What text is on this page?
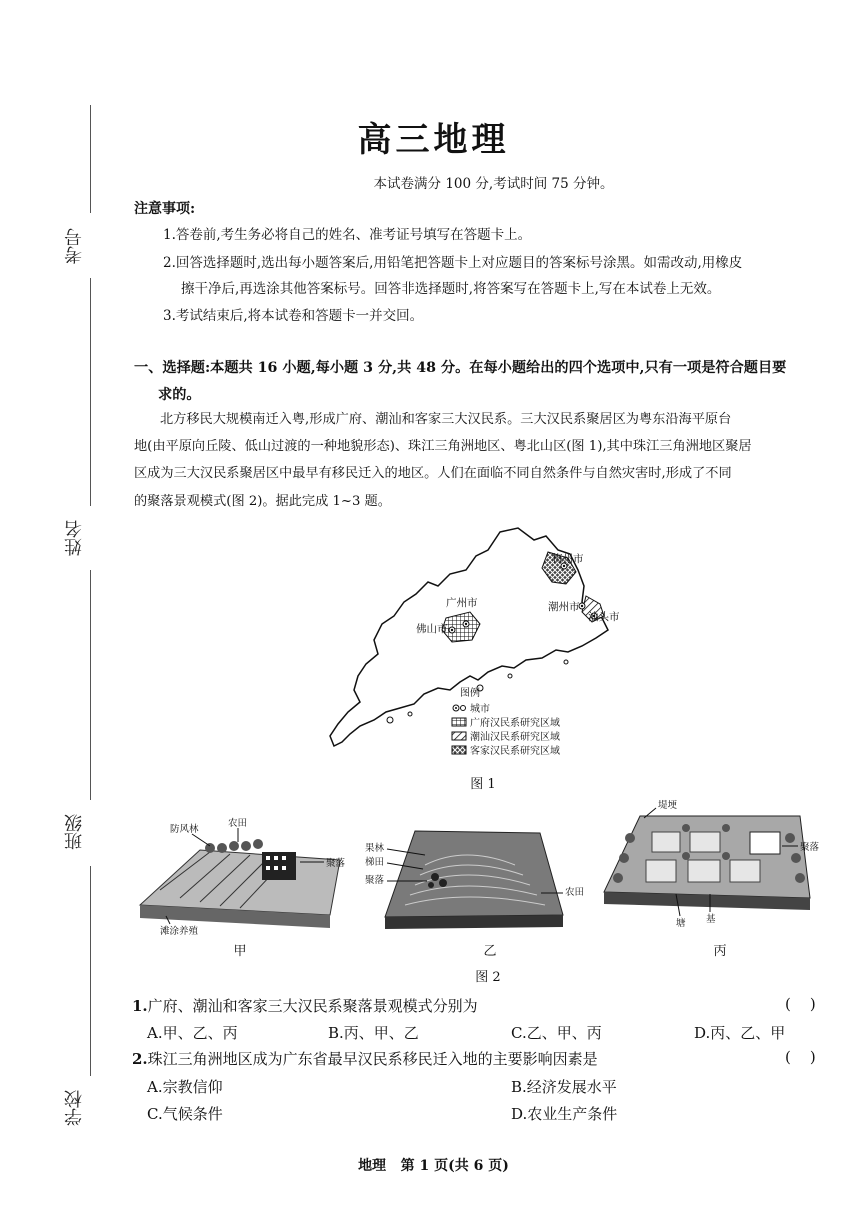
考号
姓名
班级
学校
高三地理
本试卷满分 100 分,考试时间 75 分钟。
注意事项:
1.答卷前,考生务必将自己的姓名、准考证号填写在答题卡上。
2.回答选择题时,选出每小题答案后,用铅笔把答题卡上对应题目的答案标号涂黑。如需改动,用橡皮
擦干净后,再选涂其他答案标号。回答非选择题时,将答案写在答题卡上,写在本试卷上无效。
3.考试结束后,将本试卷和答题卡一并交回。
一、选择题:本题共 16 小题,每小题 3 分,共 48 分。在每小题给出的四个选项中,只有一项是符合题目要
求的。
北方移民大规模南迁入粤,形成广府、潮汕和客家三大汉民系。三大汉民系聚居区为粤东沿海平原台
地(由平原向丘陵、低山过渡的一种地貌形态)、珠江三角洲地区、粤北山区(图 1),其中珠江三角洲地区聚居
区成为三大汉民系聚居区中最早有移民迁入的地区。人们在面临不同自然条件与自然灾害时,形成了不同
的聚落景观模式(图 2)。据此完成 1~3 题。
梅州市
广州市
佛山市
潮州市
汕头市
图例
城市
广府汉民系研究区域
潮汕汉民系研究区域
客家汉民系研究区域
图 1
防风林
农田
聚落
滩涂养殖
甲
果林
梯田
聚落
农田
乙
堤埂
聚落
塘 基
丙
图 2
1.广府、潮汕和客家三大汉民系聚落景观模式分别为	(    )
A.甲、乙、丙	B.丙、甲、乙	C.乙、甲、丙	D.丙、乙、甲
2.珠江三角洲地区成为广东省最早汉民系移民迁入地的主要影响因素是	(    )
A.宗教信仰	B.经济发展水平
C.气候条件	D.农业生产条件
地理   第 1 页(共 6 页)
